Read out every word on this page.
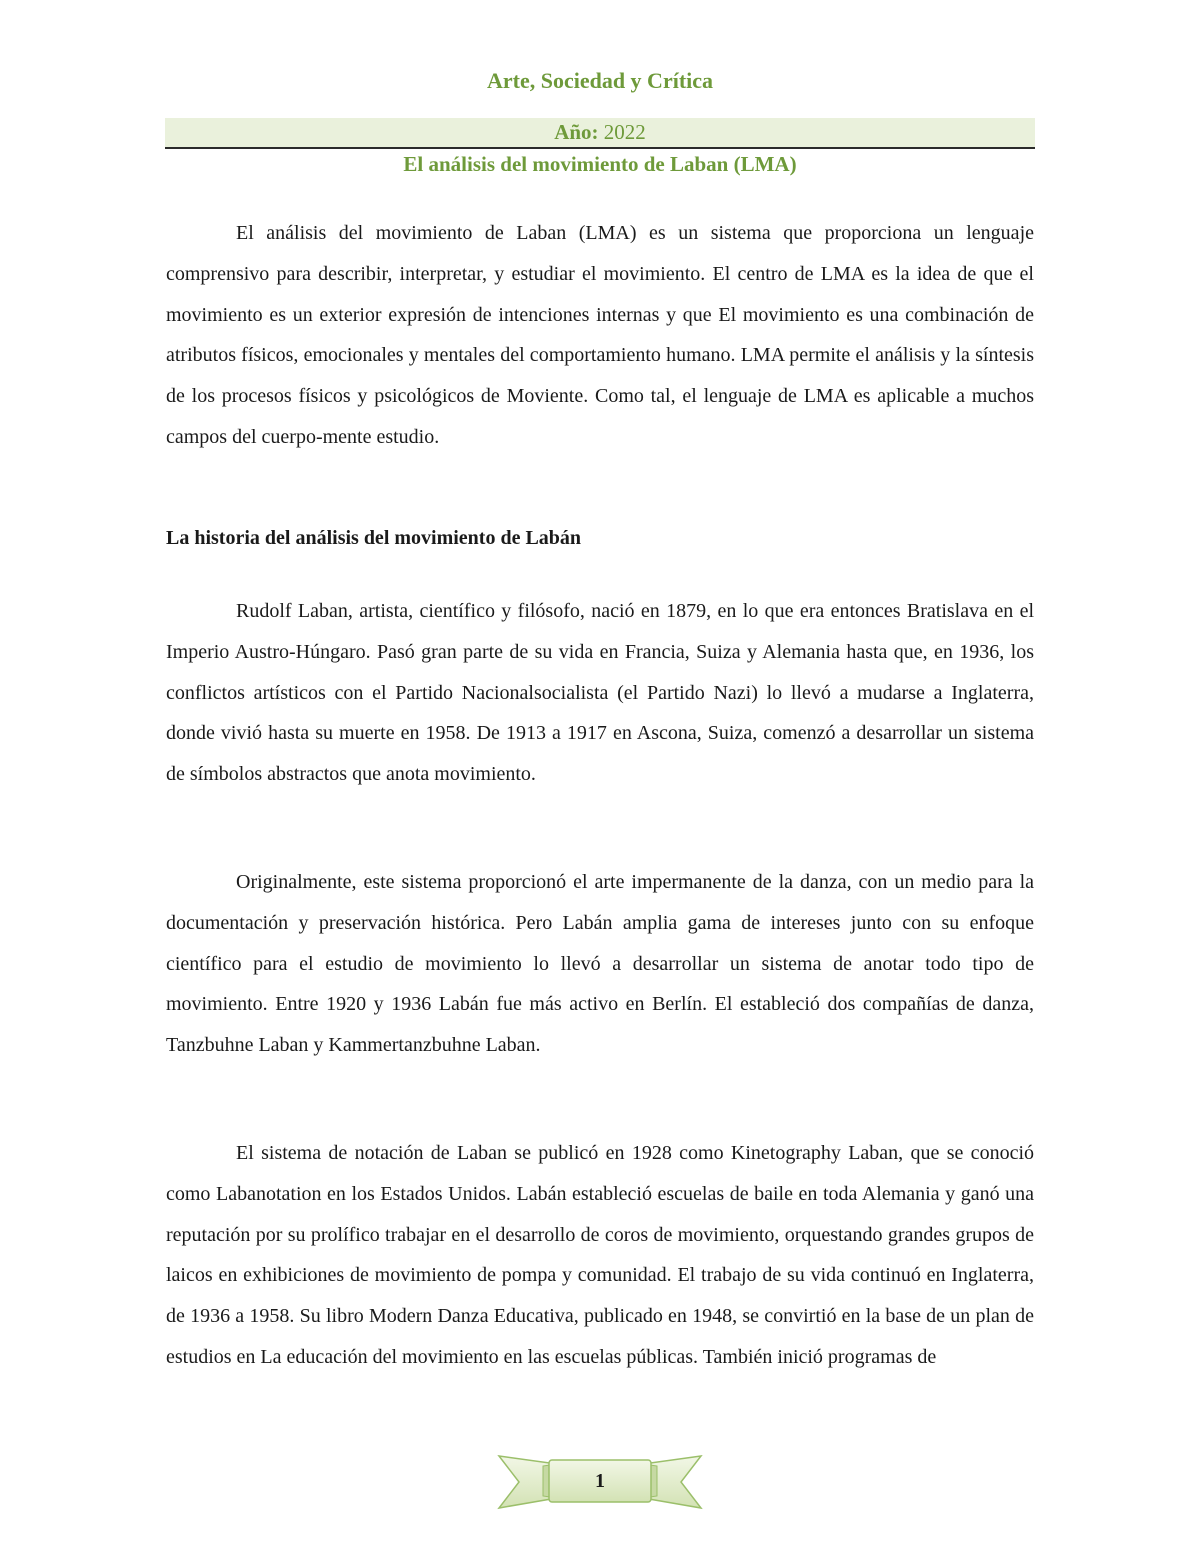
Arte, Sociedad y Crítica
Año: 2022
El análisis del movimiento de Laban (LMA)

El análisis del movimiento de Laban (LMA) es un sistema que proporciona un lenguaje comprensivo para describir, interpretar, y estudiar el movimiento. El centro de LMA es la idea de que el movimiento es un exterior expresión de intenciones internas y que El movimiento es una combinación de atributos físicos, emocionales y mentales del comportamiento humano. LMA permite el análisis y la síntesis de los procesos físicos y psicológicos de Moviente. Como tal, el lenguaje de LMA es aplicable a muchos campos del cuerpo-mente estudio.

La historia del análisis del movimiento de Labán

Rudolf Laban, artista, científico y filósofo, nació en 1879, en lo que era entonces Bratislava en el Imperio Austro-Húngaro. Pasó gran parte de su vida en Francia, Suiza y Alemania hasta que, en 1936, los conflictos artísticos con el Partido Nacionalsocialista (el Partido Nazi) lo llevó a mudarse a Inglaterra, donde vivió hasta su muerte en 1958. De 1913 a 1917 en Ascona, Suiza, comenzó a desarrollar un sistema de símbolos abstractos que anota movimiento.

Originalmente, este sistema proporcionó el arte impermanente de la danza, con un medio para la documentación y preservación histórica. Pero Labán amplia gama de intereses junto con su enfoque científico para el estudio de movimiento lo llevó a desarrollar un sistema de anotar todo tipo de movimiento. Entre 1920 y 1936 Labán fue más activo en Berlín. El estableció dos compañías de danza, Tanzbuhne Laban y Kammertanzbuhne Laban.

El sistema de notación de Laban se publicó en 1928 como Kinetography Laban, que se conoció como Labanotation en los Estados Unidos. Labán estableció escuelas de baile en toda Alemania y ganó una reputación por su prolífico trabajar en el desarrollo de coros de movimiento, orquestando grandes grupos de laicos en exhibiciones de movimiento de pompa y comunidad. El trabajo de su vida continuó en Inglaterra, de 1936 a 1958. Su libro Modern Danza Educativa, publicado en 1948, se convirtió en la base de un plan de estudios en La educación del movimiento en las escuelas públicas. También inició programas de

1
